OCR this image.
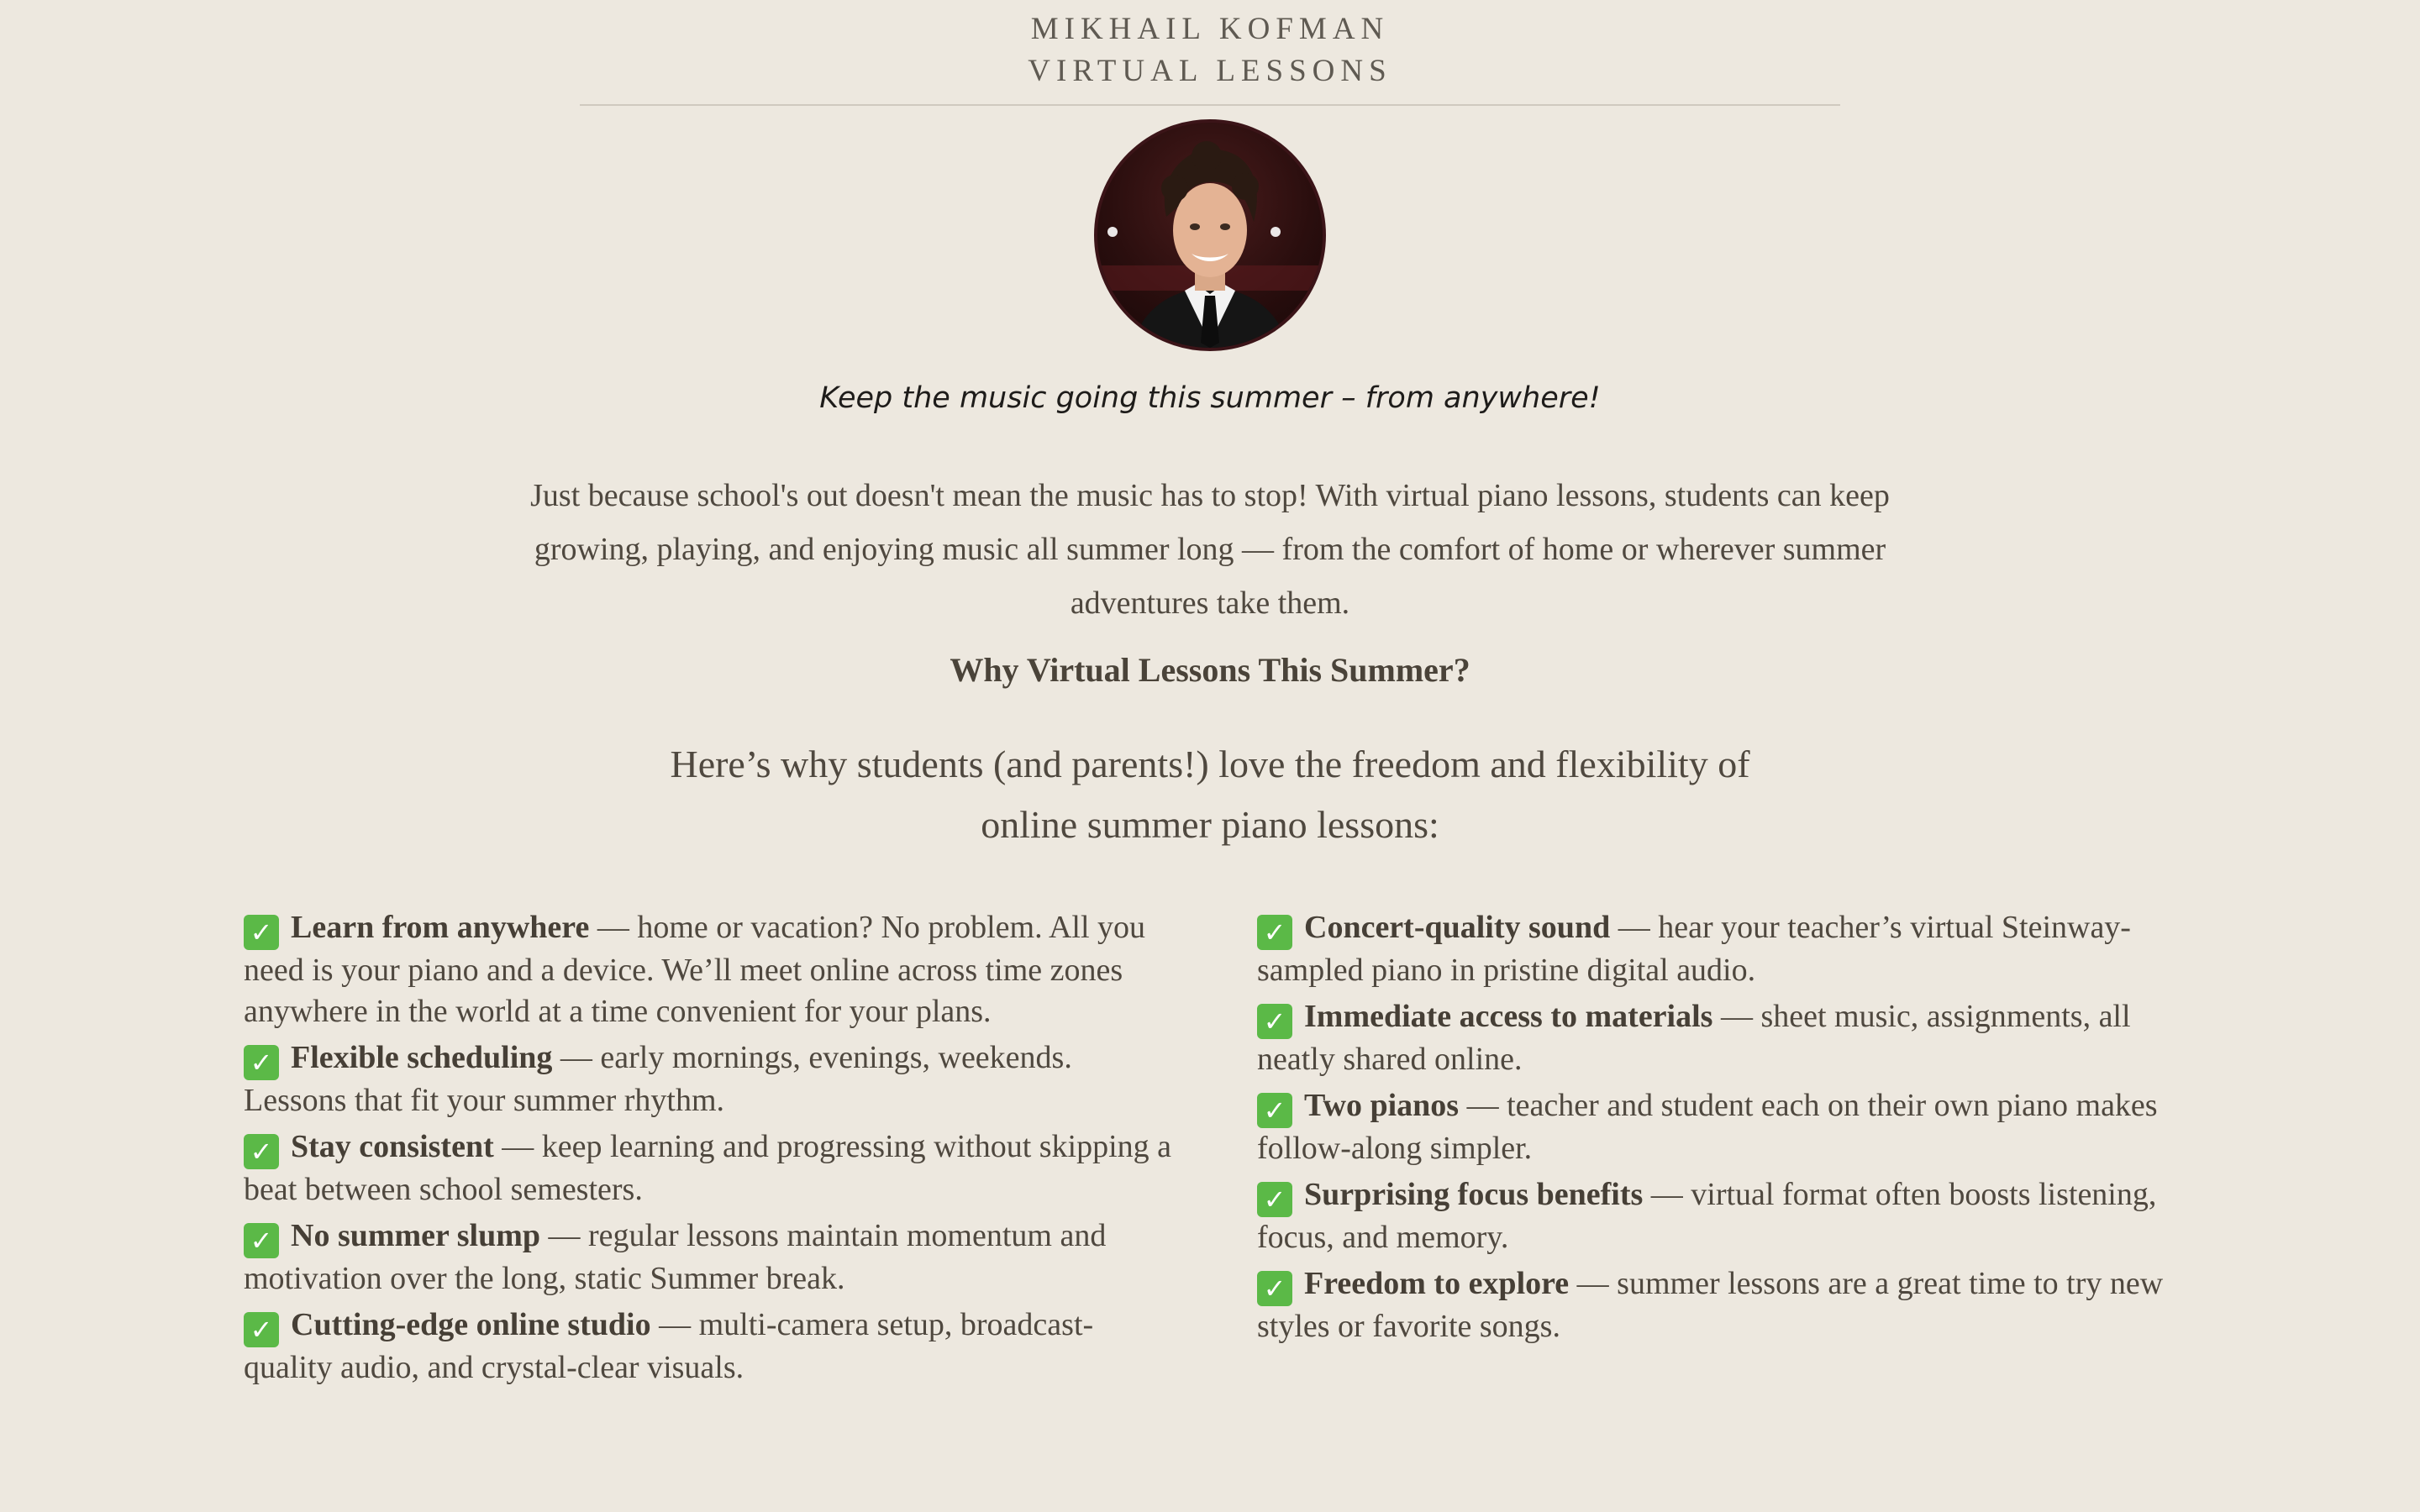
MIKHAIL KOFMAN
VIRTUAL LESSONS
Keep the music going this summer – from anywhere!
Just because school's out doesn't mean the music has to stop! With virtual piano lessons, students can keep growing, playing, and enjoying music all summer long — from the comfort of home or wherever summer adventures take them.
Why Virtual Lessons This Summer?
Here’s why students (and parents!) love the freedom and flexibility of online summer piano lessons:
✓ Learn from anywhere — home or vacation? No problem. All you need is your piano and a device. We’ll meet online across time zones anywhere in the world at a time convenient for your plans.
✓ Flexible scheduling — early mornings, evenings, weekends. Lessons that fit your summer rhythm.
✓ Stay consistent — keep learning and progressing without skipping a beat between school semesters.
✓ No summer slump — regular lessons maintain momentum and motivation over the long, static Summer break.
✓ Cutting-edge online studio — multi-camera setup, broadcast-quality audio, and crystal-clear visuals.
✓ Concert-quality sound — hear your teacher’s virtual Steinway-sampled piano in pristine digital audio.
✓ Immediate access to materials — sheet music, assignments, all neatly shared online.
✓ Two pianos — teacher and student each on their own piano makes follow-along simpler.
✓ Surprising focus benefits — virtual format often boosts listening, focus, and memory.
✓ Freedom to explore — summer lessons are a great time to try new styles or favorite songs.
